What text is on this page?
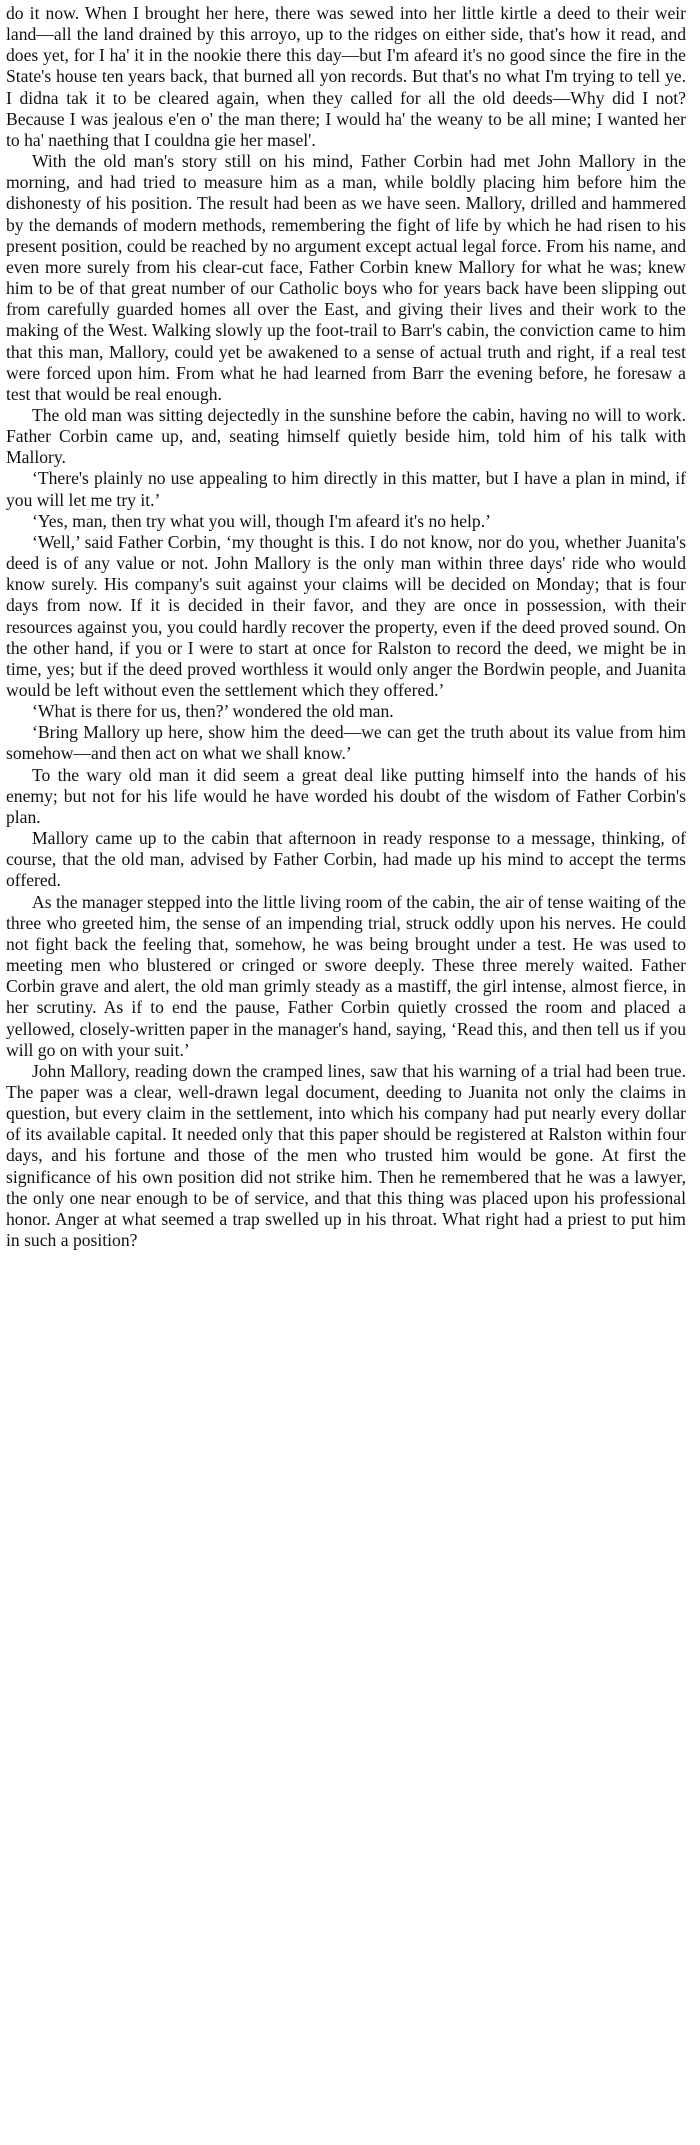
do it now. When I brought her here, there was sewed into her little kirtle a deed to their weir land—all the land drained by this arroyo, up to the ridges on either side, that's how it read, and does yet, for I ha' it in the nookie there this day—but I'm afeard it's no good since the fire in the State's house ten years back, that burned all yon records. But that's no what I'm trying to tell ye. I didna tak it to be cleared again, when they called for all the old deeds—Why did I not? Because I was jealous e'en o' the man there; I would ha' the weany to be all mine; I wanted her to ha' naething that I couldna gie her masel'.

With the old man's story still on his mind, Father Corbin had met John Mallory in the morning, and had tried to measure him as a man, while boldly placing him before him the dishonesty of his position. The result had been as we have seen. Mallory, drilled and hammered by the demands of modern methods, remembering the fight of life by which he had risen to his present position, could be reached by no argument except actual legal force. From his name, and even more surely from his clear-cut face, Father Corbin knew Mallory for what he was; knew him to be of that great number of our Catholic boys who for years back have been slipping out from carefully guarded homes all over the East, and giving their lives and their work to the making of the West. Walking slowly up the foot-trail to Barr's cabin, the conviction came to him that this man, Mallory, could yet be awakened to a sense of actual truth and right, if a real test were forced upon him. From what he had learned from Barr the evening before, he foresaw a test that would be real enough.

The old man was sitting dejectedly in the sunshine before the cabin, having no will to work. Father Corbin came up, and, seating himself quietly beside him, told him of his talk with Mallory.

‘There's plainly no use appealing to him directly in this matter, but I have a plan in mind, if you will let me try it.’

‘Yes, man, then try what you will, though I'm afeard it's no help.’

‘Well,’ said Father Corbin, ‘my thought is this. I do not know, nor do you, whether Juanita's deed is of any value or not. John Mallory is the only man within three days' ride who would know surely. His company's suit against your claims will be decided on Monday; that is four days from now. If it is decided in their favor, and they are once in possession, with their resources against you, you could hardly recover the property, even if the deed proved sound. On the other hand, if you or I were to start at once for Ralston to record the deed, we might be in time, yes; but if the deed proved worthless it would only anger the Bordwin people, and Juanita would be left without even the settlement which they offered.’

‘What is there for us, then?’ wondered the old man.

‘Bring Mallory up here, show him the deed—we can get the truth about its value from him somehow—and then act on what we shall know.’

To the wary old man it did seem a great deal like putting himself into the hands of his enemy; but not for his life would he have worded his doubt of the wisdom of Father Corbin's plan.

Mallory came up to the cabin that afternoon in ready response to a message, thinking, of course, that the old man, advised by Father Corbin, had made up his mind to accept the terms offered.

As the manager stepped into the little living room of the cabin, the air of tense waiting of the three who greeted him, the sense of an impending trial, struck oddly upon his nerves. He could not fight back the feeling that, somehow, he was being brought under a test. He was used to meeting men who blustered or cringed or swore deeply. These three merely waited. Father Corbin grave and alert, the old man grimly steady as a mastiff, the girl intense, almost fierce, in her scrutiny. As if to end the pause, Father Corbin quietly crossed the room and placed a yellowed, closely-written paper in the manager's hand, saying, ‘Read this, and then tell us if you will go on with your suit.’

John Mallory, reading down the cramped lines, saw that his warning of a trial had been true. The paper was a clear, well-drawn legal document, deeding to Juanita not only the claims in question, but every claim in the settlement, into which his company had put nearly every dollar of its available capital. It needed only that this paper should be registered at Ralston within four days, and his fortune and those of the men who trusted him would be gone. At first the significance of his own position did not strike him. Then he remembered that he was a lawyer, the only one near enough to be of service, and that this thing was placed upon his professional honor. Anger at what seemed a trap swelled up in his throat. What right had a priest to put him in such a position?
